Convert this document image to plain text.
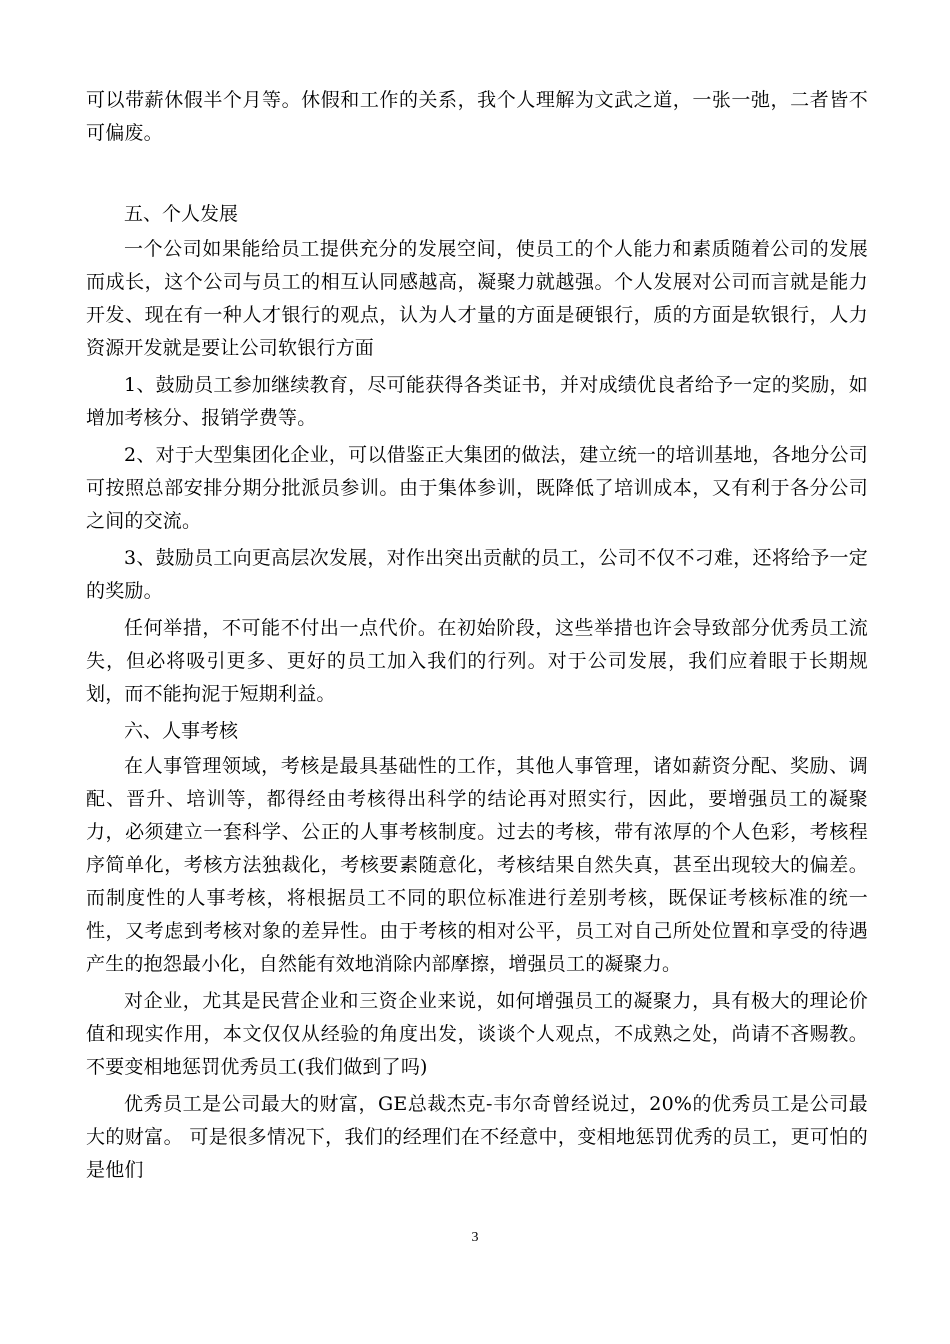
可以带薪休假半个月等。休假和工作的关系，我个人理解为文武之道，一张一弛，二者皆不可偏废。

五、个人发展

一个公司如果能给员工提供充分的发展空间，使员工的个人能力和素质随着公司的发展而成长，这个公司与员工的相互认同感越高，凝聚力就越强。个人发展对公司而言就是能力开发、现在有一种人才银行的观点，认为人才量的方面是硬银行，质的方面是软银行，人力资源开发就是要让公司软银行方面

1、鼓励员工参加继续教育，尽可能获得各类证书，并对成绩优良者给予一定的奖励，如增加考核分、报销学费等。

2、对于大型集团化企业，可以借鉴正大集团的做法，建立统一的培训基地，各地分公司可按照总部安排分期分批派员参训。由于集体参训，既降低了培训成本，又有利于各分公司之间的交流。

3、鼓励员工向更高层次发展，对作出突出贡献的员工，公司不仅不刁难，还将给予一定的奖励。

任何举措，不可能不付出一点代价。在初始阶段，这些举措也许会导致部分优秀员工流失，但必将吸引更多、更好的员工加入我们的行列。对于公司发展，我们应着眼于长期规划，而不能拘泥于短期利益。

六、人事考核

在人事管理领域，考核是最具基础性的工作，其他人事管理，诸如薪资分配、奖励、调配、晋升、培训等，都得经由考核得出科学的结论再对照实行，因此，要增强员工的凝聚力，必须建立一套科学、公正的人事考核制度。过去的考核，带有浓厚的个人色彩，考核程序简单化，考核方法独裁化，考核要素随意化，考核结果自然失真，甚至出现较大的偏差。而制度性的人事考核，将根据员工不同的职位标准进行差别考核，既保证考核标准的统一性，又考虑到考核对象的差异性。由于考核的相对公平，员工对自己所处位置和享受的待遇产生的抱怨最小化，自然能有效地消除内部摩擦，增强员工的凝聚力。

对企业，尤其是民营企业和三资企业来说，如何增强员工的凝聚力，具有极大的理论价值和现实作用，本文仅仅从经验的角度出发，谈谈个人观点，不成熟之处，尚请不吝赐教。不要变相地惩罚优秀员工(我们做到了吗)

优秀员工是公司最大的财富，GE总裁杰克-韦尔奇曾经说过，20%的优秀员工是公司最大的财富。 可是很多情况下，我们的经理们在不经意中，变相地惩罚优秀的员工，更可怕的是他们

3
